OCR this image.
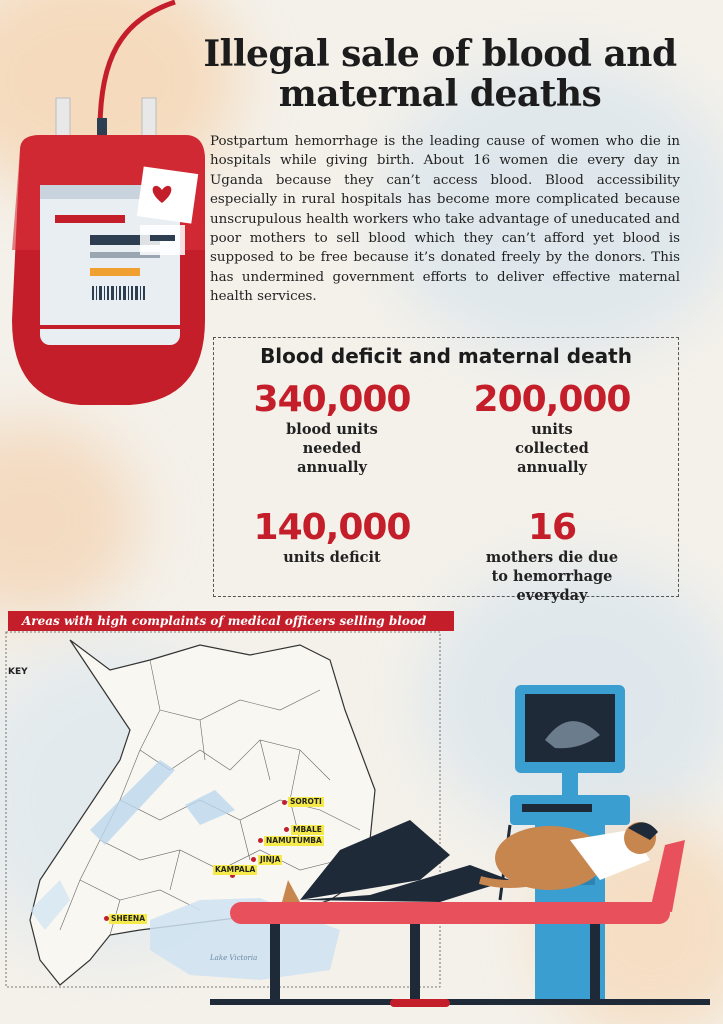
Illegal sale of blood and maternal deaths

Postpartum hemorrhage is the leading cause of women who die in hospitals while giving birth. About 16 women die every day in Uganda because they can’t access blood. Blood accessibility especially in rural hospitals has become more complicated because unscrupulous health workers who take advantage of uneducated and poor mothers to sell blood which they can’t afford yet blood is supposed to be free because it’s donated freely by the donors. This has undermined government efforts to deliver effective maternal health services.

Blood deficit and maternal death
340,000
blood units needed annually
200,000
units collected annually
140,000
units deficit
16
mothers die due to hemorrhage everyday
Areas with high complaints of medical officers selling blood
KEY
Lake Victoria
SOROTI
MBALE
NAMUTUMBA
JINJA
KAMPALA
SHEENA
